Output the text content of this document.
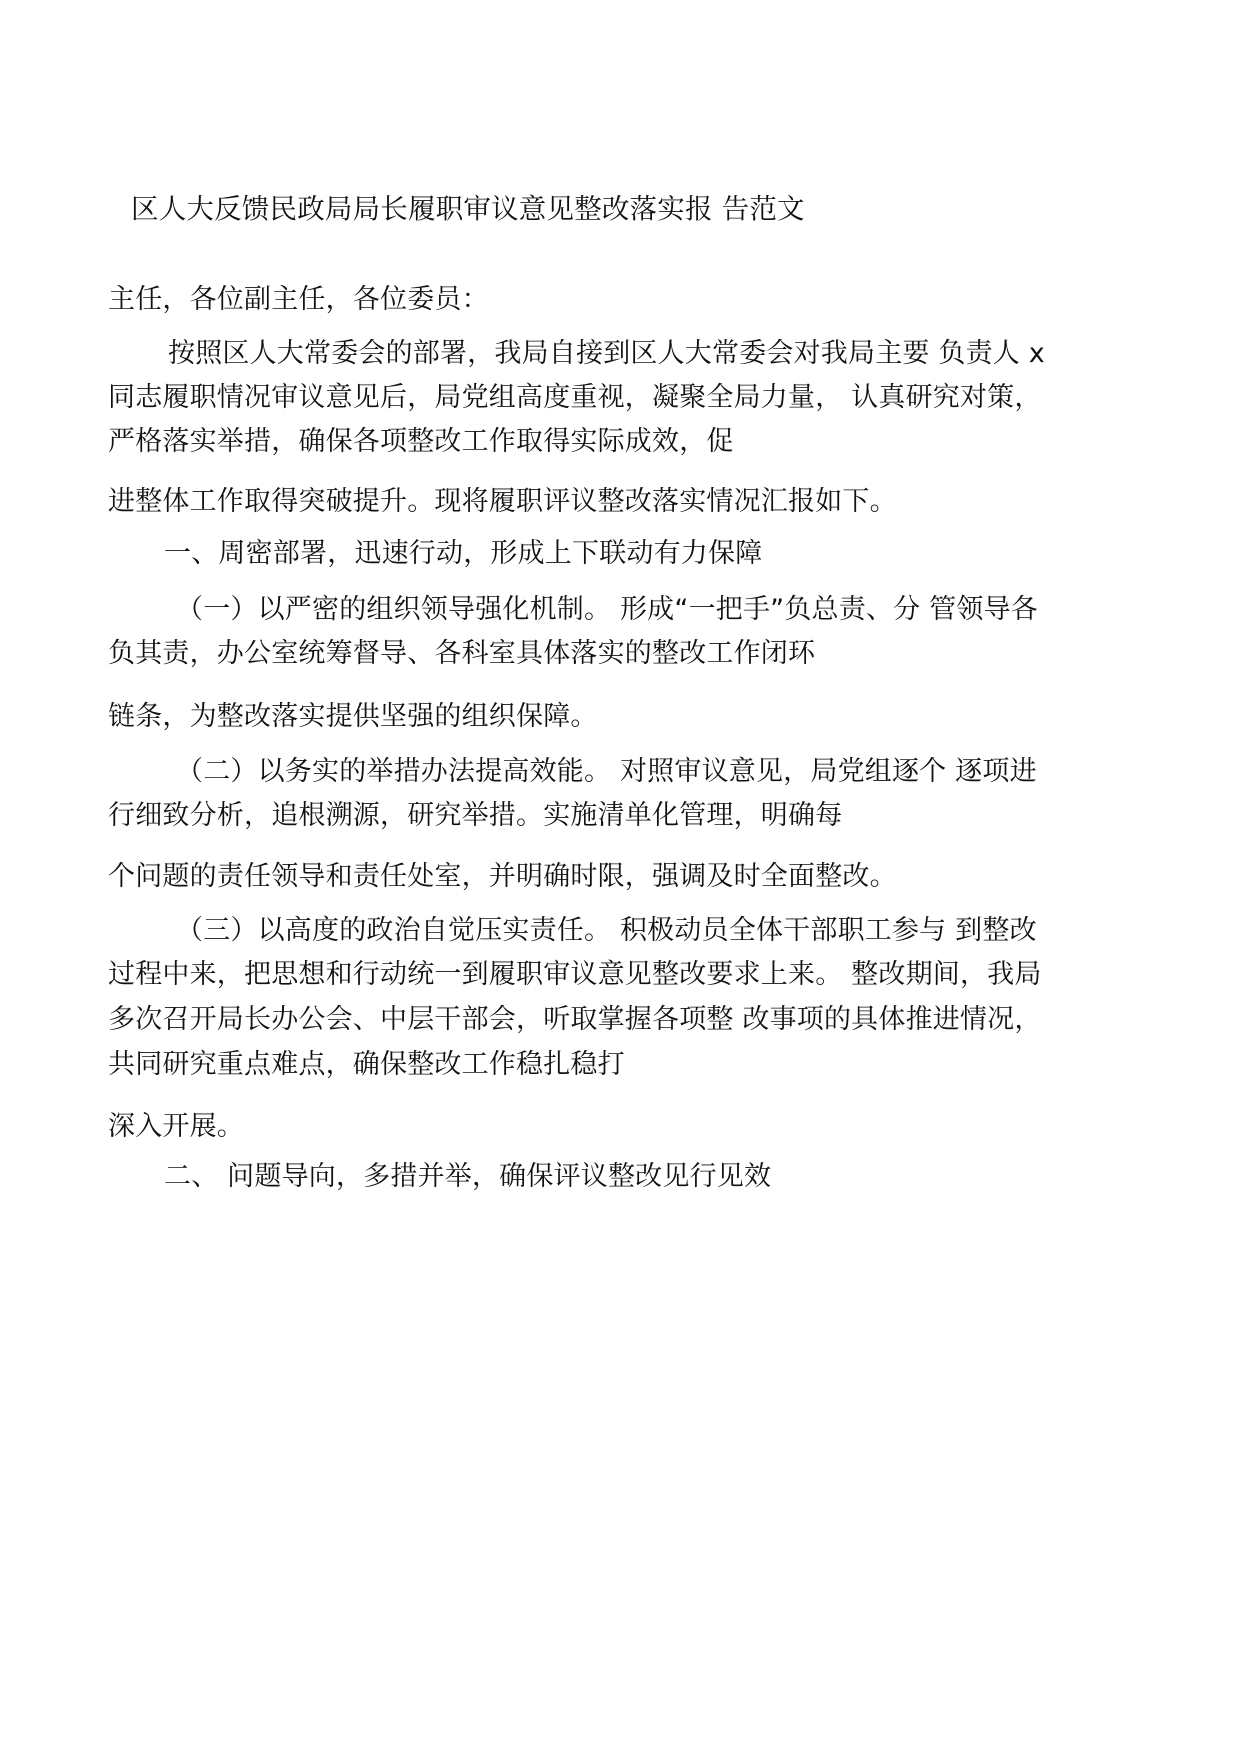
区人大反馈民政局局长履职审议意见整改落实报 告范文
主任，各位副主任，各位委员：
按照区人大常委会的部署，我局自接到区人大常委会对我局主要 负责人 x
同志履职情况审议意见后，局党组高度重视，凝聚全局力量， 认真研究对策，
严格落实举措，确保各项整改工作取得实际成效，促
进整体工作取得突破提升。现将履职评议整改落实情况汇报如下。
一、周密部署，迅速行动，形成上下联动有力保障
（一）以严密的组织领导强化机制。 形成“一把手”负总责、分 管领导各
负其责，办公室统筹督导、各科室具体落实的整改工作闭环
链条，为整改落实提供坚强的组织保障。
（二）以务实的举措办法提高效能。 对照审议意见，局党组逐个 逐项进
行细致分析，追根溯源，研究举措。实施清单化管理，明确每
个问题的责任领导和责任处室，并明确时限，强调及时全面整改。
（三）以高度的政治自觉压实责任。 积极动员全体干部职工参与 到整改
过程中来，把思想和行动统一到履职审议意见整改要求上来。 整改期间，我局
多次召开局长办公会、中层干部会，听取掌握各项整 改事项的具体推进情况，
共同研究重点难点，确保整改工作稳扎稳打
深入开展。
二、 问题导向，多措并举，确保评议整改见行见效
